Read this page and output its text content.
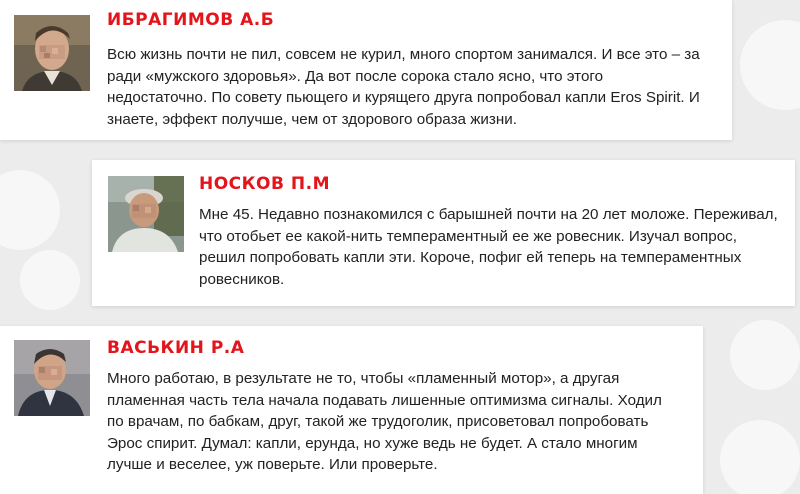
ИБРАГИМОВ А.Б
Всю жизнь почти не пил, совсем не курил, много спортом занимался. И все это – за ради «мужского здоровья». Да вот после сорока стало ясно, что этого недостаточно. По совету пьющего и курящего друга попробовал капли Eros Spirit. И знаете, эффект получше, чем от здорового образа жизни.
НОСКОВ П.М
Мне 45. Недавно познакомился с барышней почти на 20 лет моложе. Переживал, что отобьет ее какой-нить темпераментный ее же ровесник. Изучал вопрос, решил попробовать капли эти. Короче, пофиг ей теперь на темпераментных ровесников.
ВАСЬКИН Р.А
Много работаю, в результате не то, чтобы «пламенный мотор», а другая пламенная часть тела начала подавать лишенные оптимизма сигналы. Ходил по врачам, по бабкам, друг, такой же трудоголик, присоветовал попробовать Эрос спирит. Думал: капли, ерунда, но хуже ведь не будет. А стало многим лучше и веселее, уж поверьте. Или проверьте.
